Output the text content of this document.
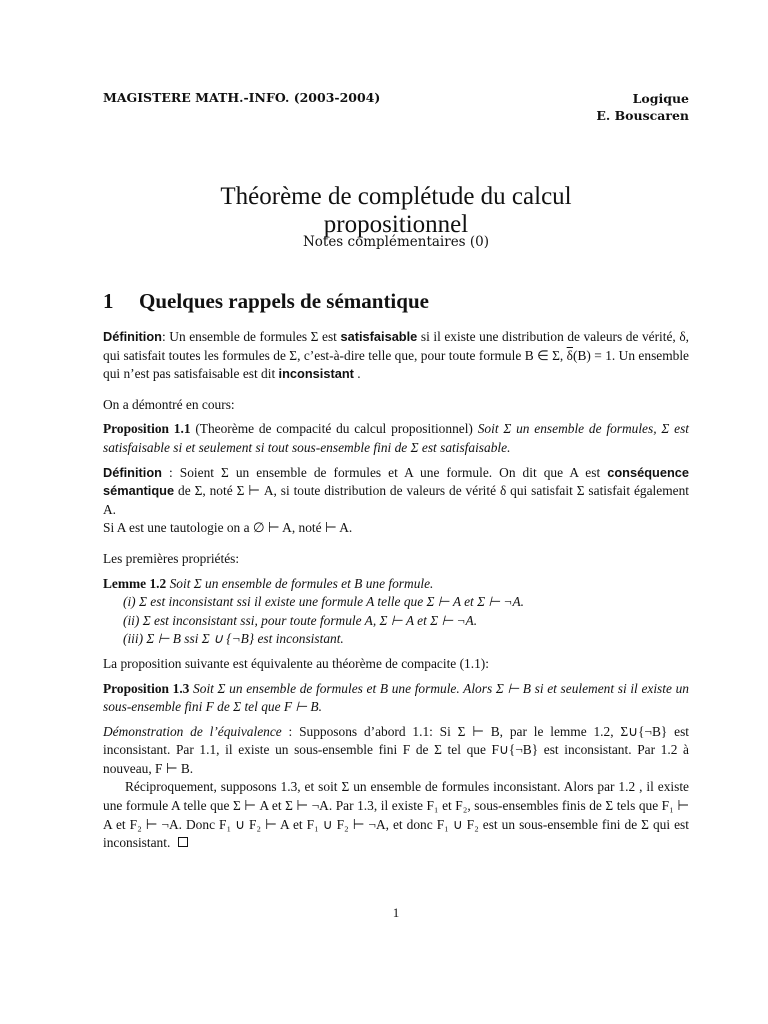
MAGISTERE MATH.-INFO. (2003-2004)	Logique
E. Bouscaren
Théorème de complétude du calcul
propositionnel
Notes complémentaires (0)
1 Quelques rappels de sémantique

Définition: Un ensemble de formules Σ est satisfaisable si il existe une distribution de valeurs de vérité, δ, qui satisfait toutes les formules de Σ, c’est-à-dire telle que, pour toute formule B ∈ Σ, $\overline{\delta}(B) = 1$. Un ensemble qui n’est pas satisfaisable est dit inconsistant .

On a démontré en cours:

Proposition 1.1 (Theorème de compacité du calcul propositionnel) Soit Σ un ensemble de formules, Σ est satisfaisable si et seulement si tout sous-ensemble fini de Σ est satisfaisable.

Définition : Soient Σ un ensemble de formules et A une formule. On dit que A est conséquence sémantique de Σ, noté Σ ⊢ A, si toute distribution de valeurs de vérité δ qui satisfait Σ satisfait également A.

Si A est une tautologie on a ∅ ⊢ A, noté ⊢ A.

Les premières propriétés:

Lemme 1.2 Soit Σ un ensemble de formules et B une formule.

(i) Σ est inconsistant ssi il existe une formule A telle que Σ ⊢ A et Σ ⊢ ¬A.

(ii) Σ est inconsistant ssi, pour toute formule A, Σ ⊢ A et Σ ⊢ ¬A.

(iii) Σ ⊢ B ssi Σ ∪ {¬B} est inconsistant.

La proposition suivante est équivalente au théorème de compacite (1.1):

Proposition 1.3 Soit Σ un ensemble de formules et B une formule. Alors Σ ⊢ B si et seulement si il existe un sous-ensemble fini F de Σ tel que F ⊢ B.

Démonstration de l’équivalence : Supposons d’abord 1.1: Si Σ ⊢ B, par le lemme 1.2, Σ∪{¬B} est inconsistant. Par 1.1, il existe un sous-ensemble fini F de Σ tel que F∪{¬B} est inconsistant. Par 1.2 à nouveau, F ⊢ B.

Réciproquement, supposons 1.3, et soit Σ un ensemble de formules inconsistant. Alors par 1.2 , il existe une formule A telle que Σ ⊢ A et Σ ⊢ ¬A. Par 1.3, il existe F₁ et F₂, sous-ensembles finis de Σ tels que F₁ ⊢ A et F₂ ⊢ ¬A. Donc F₁ ∪ F₂ ⊢ A et F₁ ∪ F₂ ⊢ ¬A, et donc F₁ ∪ F₂ est un sous-ensemble fini de Σ qui est inconsistant.

1
